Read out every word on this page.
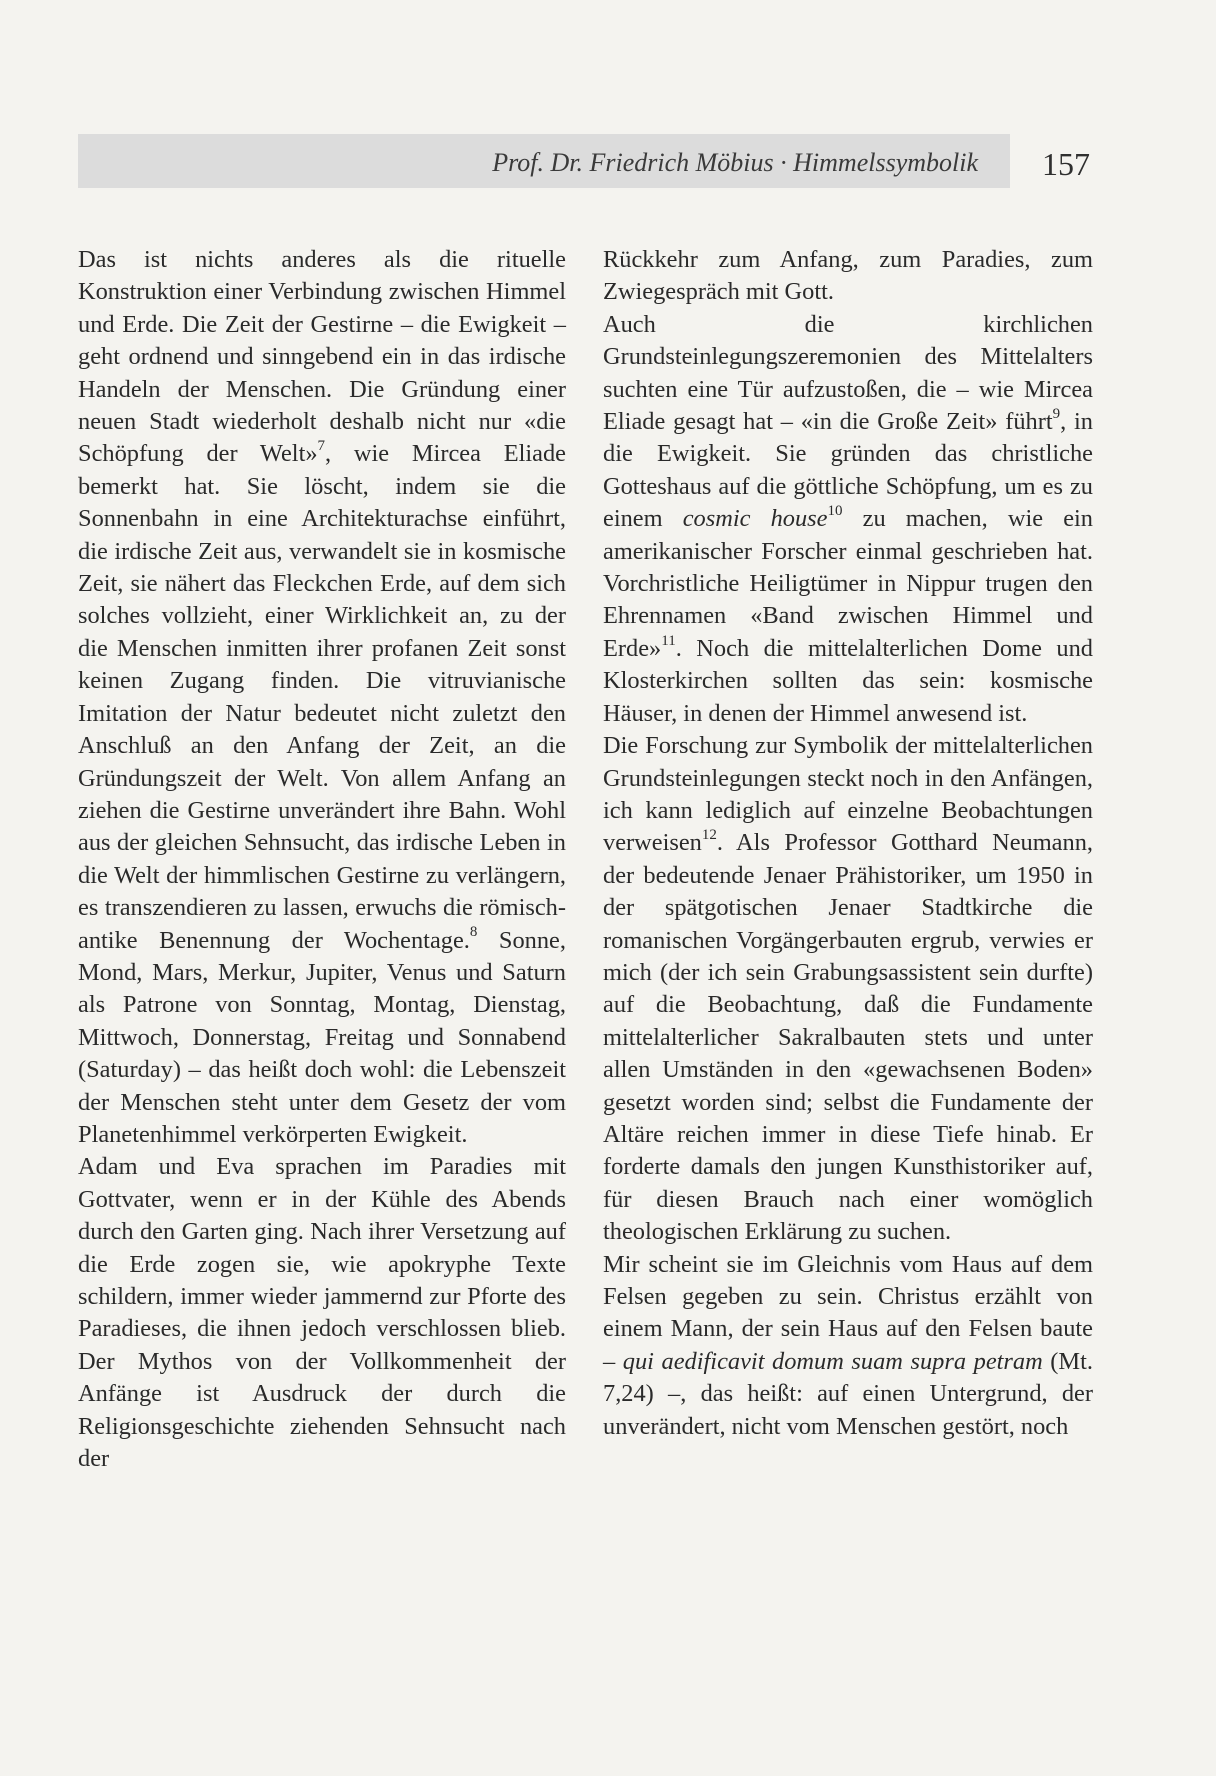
Prof. Dr. Friedrich Möbius · Himmelssymbolik 157

Das ist nichts anderes als die rituelle Konstruktion einer Verbindung zwischen Himmel und Erde. Die Zeit der Gestirne – die Ewigkeit – geht ordnend und sinngebend ein in das irdische Handeln der Menschen. Die Gründung einer neuen Stadt wiederholt deshalb nicht nur «die Schöpfung der Welt»$^7$, wie Mircea Eliade bemerkt hat. Sie löscht, indem sie die Sonnenbahn in eine Architekturachse einführt, die irdische Zeit aus, verwandelt sie in kosmische Zeit, sie nähert das Fleckchen Erde, auf dem sich solches vollzieht, einer Wirklichkeit an, zu der die Menschen inmitten ihrer profanen Zeit sonst keinen Zugang finden. Die vitruvianische Imitation der Natur bedeutet nicht zuletzt den Anschluß an den Anfang der Zeit, an die Gründungszeit der Welt. Von allem Anfang an ziehen die Gestirne unverändert ihre Bahn. Wohl aus der gleichen Sehnsucht, das irdische Leben in die Welt der himmlischen Gestirne zu verlängern, es transzendieren zu lassen, erwuchs die römisch-antike Benennung der Wochentage.$^8$ Sonne, Mond, Mars, Merkur, Jupiter, Venus und Saturn als Patrone von Sonntag, Montag, Dienstag, Mittwoch, Donnerstag, Freitag und Sonnabend (Saturday) – das heißt doch wohl: die Lebenszeit der Menschen steht unter dem Gesetz der vom Planetenhimmel verkörperten Ewigkeit.

Adam und Eva sprachen im Paradies mit Gottvater, wenn er in der Kühle des Abends durch den Garten ging. Nach ihrer Versetzung auf die Erde zogen sie, wie apokryphe Texte schildern, immer wieder jammernd zur Pforte des Paradieses, die ihnen jedoch verschlossen blieb. Der Mythos von der Vollkommenheit der Anfänge ist Ausdruck der durch die Religionsgeschichte ziehenden Sehnsucht nach der

Rückkehr zum Anfang, zum Paradies, zum Zwiegespräch mit Gott.

Auch die kirchlichen Grundsteinlegungszeremonien des Mittelalters suchten eine Tür aufzustoßen, die – wie Mircea Eliade gesagt hat – «in die Große Zeit» führt$^9$, in die Ewigkeit. Sie gründen das christliche Gotteshaus auf die göttliche Schöpfung, um es zu einem cosmic house$^{10}$ zu machen, wie ein amerikanischer Forscher einmal geschrieben hat. Vorchristliche Heiligtümer in Nippur trugen den Ehrennamen «Band zwischen Himmel und Erde»$^{11}$. Noch die mittelalterlichen Dome und Klosterkirchen sollten das sein: kosmische Häuser, in denen der Himmel anwesend ist.

Die Forschung zur Symbolik der mittelalterlichen Grundsteinlegungen steckt noch in den Anfängen, ich kann lediglich auf einzelne Beobachtungen verweisen$^{12}$. Als Professor Gotthard Neumann, der bedeutende Jenaer Prähistoriker, um 1950 in der spätgotischen Jenaer Stadtkirche die romanischen Vorgängerbauten ergrub, verwies er mich (der ich sein Grabungsassistent sein durfte) auf die Beobachtung, daß die Fundamente mittelalterlicher Sakralbauten stets und unter allen Umständen in den «gewachsenen Boden» gesetzt worden sind; selbst die Fundamente der Altäre reichen immer in diese Tiefe hinab. Er forderte damals den jungen Kunsthistoriker auf, für diesen Brauch nach einer womöglich theologischen Erklärung zu suchen.

Mir scheint sie im Gleichnis vom Haus auf dem Felsen gegeben zu sein. Christus erzählt von einem Mann, der sein Haus auf den Felsen baute – qui aedificavit domum suam supra petram (Mt. 7,24) –, das heißt: auf einen Untergrund, der unverändert, nicht vom Menschen gestört, noch
